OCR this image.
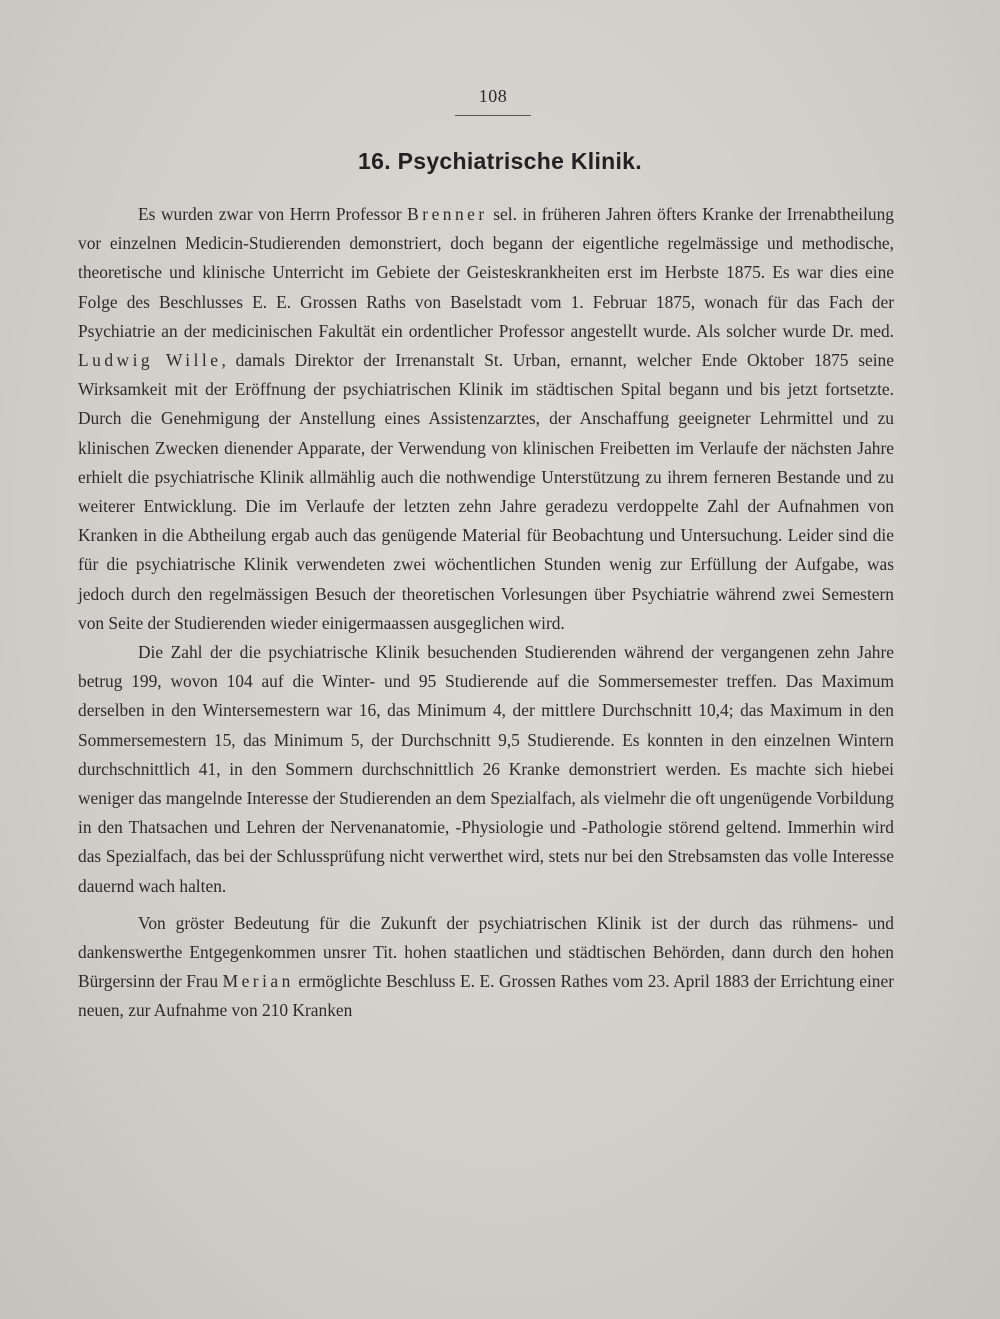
108
16. Psychiatrische Klinik.

Es wurden zwar von Herrn Professor Brenner sel. in früheren Jahren öfters Kranke der Irrenabtheilung vor einzelnen Medicin-Studierenden demonstriert, doch begann der eigentliche regelmässige und methodische, theoretische und klinische Unterricht im Gebiete der Geisteskrankheiten erst im Herbste 1875. Es war dies eine Folge des Beschlusses E. E. Grossen Raths von Baselstadt vom 1. Februar 1875, wonach für das Fach der Psychiatrie an der medicinischen Fakultät ein ordentlicher Professor angestellt wurde. Als solcher wurde Dr. med. Ludwig Wille, damals Direktor der Irrenanstalt St. Urban, ernannt, welcher Ende Oktober 1875 seine Wirksamkeit mit der Eröffnung der psychiatrischen Klinik im städtischen Spital begann und bis jetzt fortsetzte. Durch die Genehmigung der Anstellung eines Assistenzarztes, der Anschaffung geeigneter Lehrmittel und zu klinischen Zwecken dienender Apparate, der Verwendung von klinischen Freibetten im Verlaufe der nächsten Jahre erhielt die psychiatrische Klinik allmählig auch die nothwendige Unterstützung zu ihrem ferneren Bestande und zu weiterer Entwicklung. Die im Verlaufe der letzten zehn Jahre geradezu verdoppelte Zahl der Aufnahmen von Kranken in die Abtheilung ergab auch das genügende Material für Beobachtung und Untersuchung. Leider sind die für die psychiatrische Klinik verwendeten zwei wöchentlichen Stunden wenig zur Erfüllung der Aufgabe, was jedoch durch den regelmässigen Besuch der theoretischen Vorlesungen über Psychiatrie während zwei Semestern von Seite der Studierenden wieder einigermaassen ausgeglichen wird.

Die Zahl der die psychiatrische Klinik besuchenden Studierenden während der vergangenen zehn Jahre betrug 199, wovon 104 auf die Winter- und 95 Studierende auf die Sommersemester treffen. Das Maximum derselben in den Wintersemestern war 16, das Minimum 4, der mittlere Durchschnitt 10,4; das Maximum in den Sommersemestern 15, das Minimum 5, der Durchschnitt 9,5 Studierende. Es konnten in den einzelnen Wintern durchschnittlich 41, in den Sommern durchschnittlich 26 Kranke demonstriert werden. Es machte sich hiebei weniger das mangelnde Interesse der Studierenden an dem Spezialfach, als vielmehr die oft ungenügende Vorbildung in den Thatsachen und Lehren der Nervenanatomie, -Physiologie und -Pathologie störend geltend. Immerhin wird das Spezialfach, das bei der Schlussprüfung nicht verwerthet wird, stets nur bei den Strebsamsten das volle Interesse dauernd wach halten.

Von gröster Bedeutung für die Zukunft der psychiatrischen Klinik ist der durch das rühmens- und dankenswerthe Entgegenkommen unsrer Tit. hohen staatlichen und städtischen Behörden, dann durch den hohen Bürgersinn der Frau Merian ermöglichte Beschluss E. E. Grossen Rathes vom 23. April 1883 der Errichtung einer neuen, zur Aufnahme von 210 Kranken
